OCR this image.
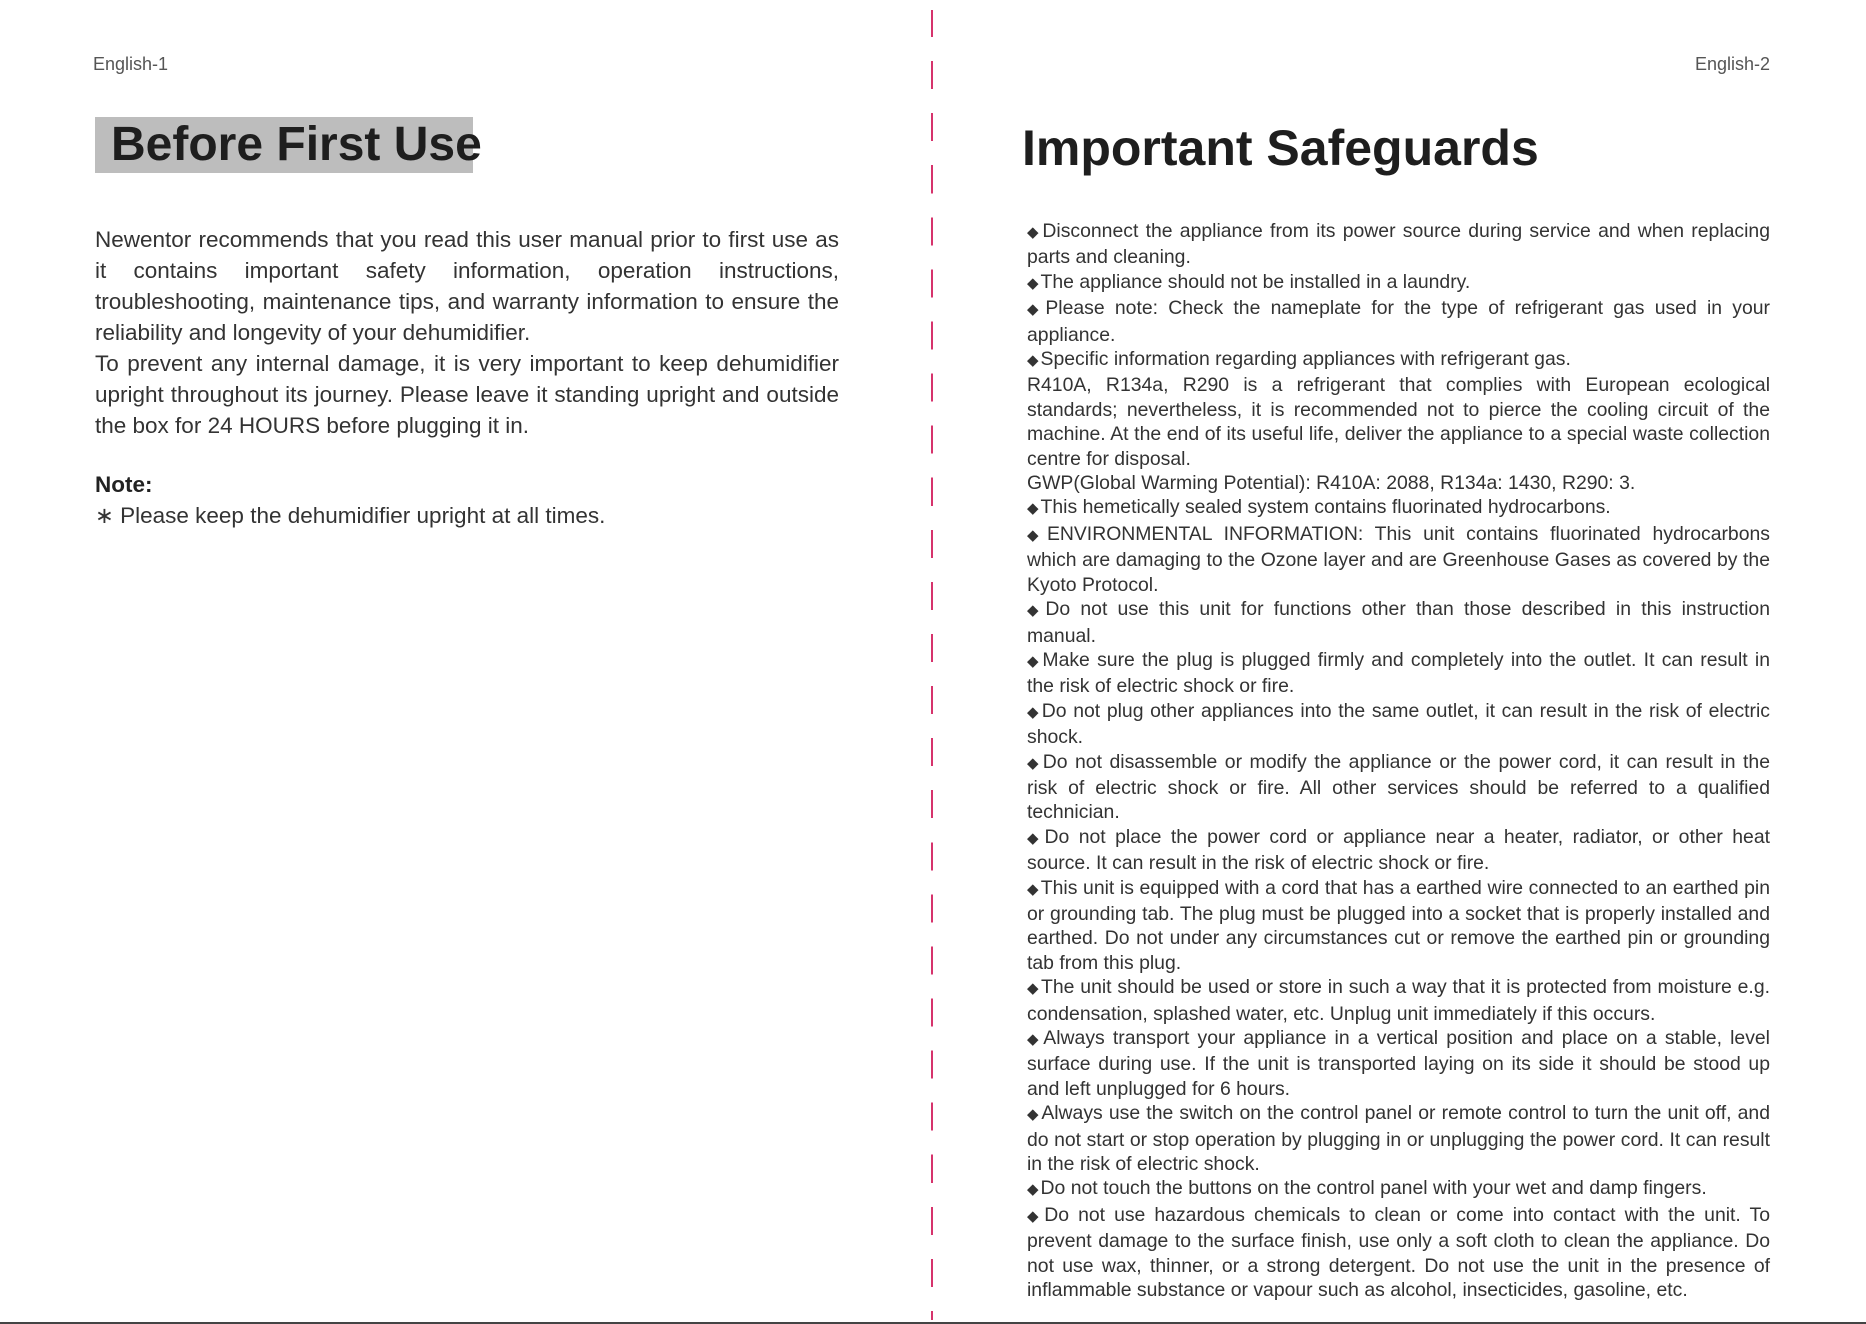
English-1	English-2
Before First Use

Newentor recommends that you read this user manual prior to first use as it contains important safety information, operation instructions, troubleshooting, maintenance tips, and warranty information to ensure the reliability and longevity of your dehumidifier.

To prevent any internal damage, it is very important to keep dehumidifier upright throughout its journey. Please leave it standing upright and outside the box for 24 HOURS before plugging it in.

Note:

∗ Please keep the dehumidifier upright at all times.

Important Safeguards

◆ Disconnect the appliance from its power source during service and when replacing parts and cleaning.

◆ The appliance should not be installed in a laundry.

◆ Please note: Check the nameplate for the type of refrigerant gas used in your appliance.

◆ Specific information regarding appliances with refrigerant gas.

R410A, R134a, R290 is a refrigerant that complies with European ecological standards; nevertheless, it is recommended not to pierce the cooling circuit of the machine. At the end of its useful life, deliver the appliance to a special waste collection centre for disposal.

GWP(Global Warming Potential): R410A: 2088, R134a: 1430, R290: 3.

◆ This hemetically sealed system contains fluorinated hydrocarbons.

◆ ENVIRONMENTAL INFORMATION: This unit contains fluorinated hydrocarbons which are damaging to the Ozone layer and are Greenhouse Gases as covered by the Kyoto Protocol.

◆ Do not use this unit for functions other than those described in this instruction manual.

◆ Make sure the plug is plugged firmly and completely into the outlet. It can result in the risk of electric shock or fire.

◆ Do not plug other appliances into the same outlet, it can result in the risk of electric shock.

◆ Do not disassemble or modify the appliance or the power cord, it can result in the risk of electric shock or fire. All other services should be referred to a qualified technician.

◆ Do not place the power cord or appliance near a heater, radiator, or other heat source. It can result in the risk of electric shock or fire.

◆ This unit is equipped with a cord that has a earthed wire connected to an earthed pin or grounding tab. The plug must be plugged into a socket that is properly installed and earthed. Do not under any circumstances cut or remove the earthed pin or grounding tab from this plug.

◆ The unit should be used or store in such a way that it is protected from moisture e.g. condensation, splashed water, etc. Unplug unit immediately if this occurs.

◆ Always transport your appliance in a vertical position and place on a stable, level surface during use. If the unit is transported laying on its side it should be stood up and left unplugged for 6 hours.

◆ Always use the switch on the control panel or remote control to turn the unit off, and do not start or stop operation by plugging in or unplugging the power cord. It can result in the risk of electric shock.

◆ Do not touch the buttons on the control panel with your wet and damp fingers.

◆ Do not use hazardous chemicals to clean or come into contact with the unit. To prevent damage to the surface finish, use only a soft cloth to clean the appliance. Do not use wax, thinner, or a strong detergent. Do not use the unit in the presence of inflammable substance or vapour such as alcohol, insecticides, gasoline, etc.
